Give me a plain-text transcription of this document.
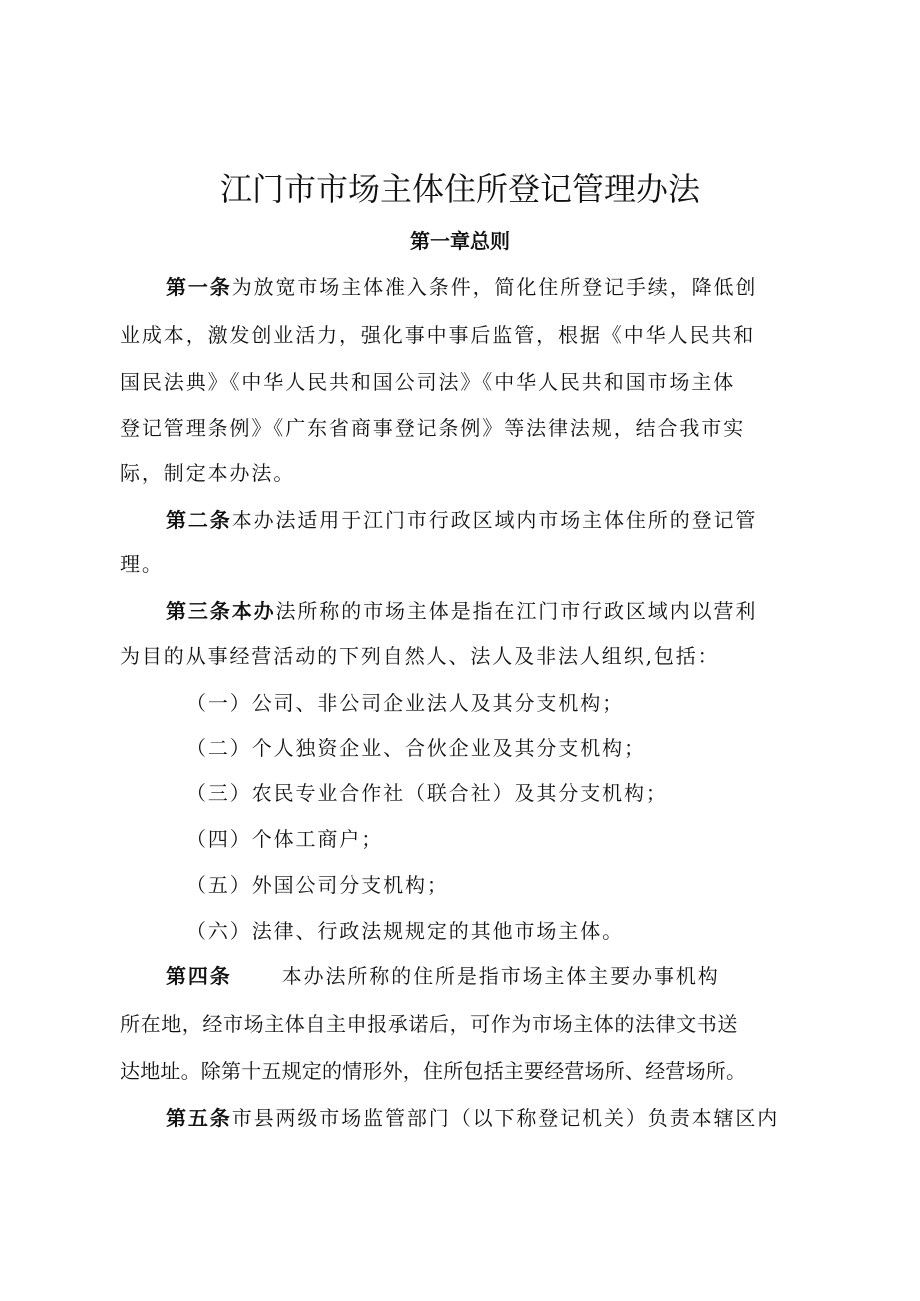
江门市市场主体住所登记管理办法
第一章总则
第一条为放宽市场主体准入条件，简化住所登记手续，降低创
业成本，激发创业活力，强化事中事后监管，根据《中华人民共和
国民法典》《中华人民共和国公司法》《中华人民共和国市场主体
登记管理条例》《广东省商事登记条例》等法律法规，结合我市实
际，制定本办法。
第二条本办法适用于江门市行政区域内市场主体住所的登记管
理。
第三条本办法所称的市场主体是指在江门市行政区域内以营利
为目的从事经营活动的下列自然人、法人及非法人组织,包括：
（一）公司、非公司企业法人及其分支机构；
（二）个人独资企业、合伙企业及其分支机构；
（三）农民专业合作社（联合社）及其分支机构；
（四）个体工商户；
（五）外国公司分支机构；
（六）法律、行政法规规定的其他市场主体。
第四条	本办法所称的住所是指市场主体主要办事机构
所在地，经市场主体自主申报承诺后，可作为市场主体的法律文书送
达地址。除第十五规定的情形外，住所包括主要经营场所、经营场所。
第五条市县两级市场监管部门（以下称登记机关）负责本辖区内
